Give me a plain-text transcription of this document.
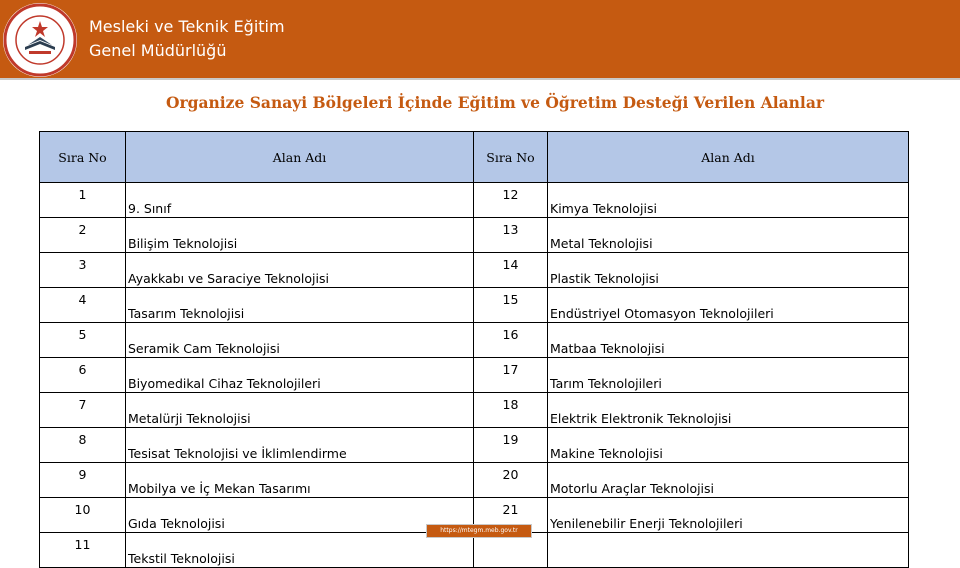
Mesleki ve Teknik Eğitim
Genel Müdürlüğü
Organize Sanayi Bölgeleri İçinde Eğitim ve Öğretim Desteği Verilen Alanlar
Sıra No	Alan Adı	Sıra No	Alan Adı
1	9. Sınıf	12	Kimya Teknolojisi
2	Bilişim Teknolojisi	13	Metal Teknolojisi
3	Ayakkabı ve Saraciye Teknolojisi	14	Plastik Teknolojisi
4	Tasarım Teknolojisi	15	Endüstriyel Otomasyon Teknolojileri
5	Seramik Cam Teknolojisi	16	Matbaa Teknolojisi
6	Biyomedikal Cihaz Teknolojileri	17	Tarım Teknolojileri
7	Metalürji Teknolojisi	18	Elektrik Elektronik Teknolojisi
8	Tesisat Teknolojisi ve İklimlendirme	19	Makine Teknolojisi
9	Mobilya ve İç Mekan Tasarımı	20	Motorlu Araçlar Teknolojisi
10	Gıda Teknolojisi	21	Yenilenebilir Enerji Teknolojileri
11	Tekstil Teknolojisi		
https://mtegm.meb.gov.tr
